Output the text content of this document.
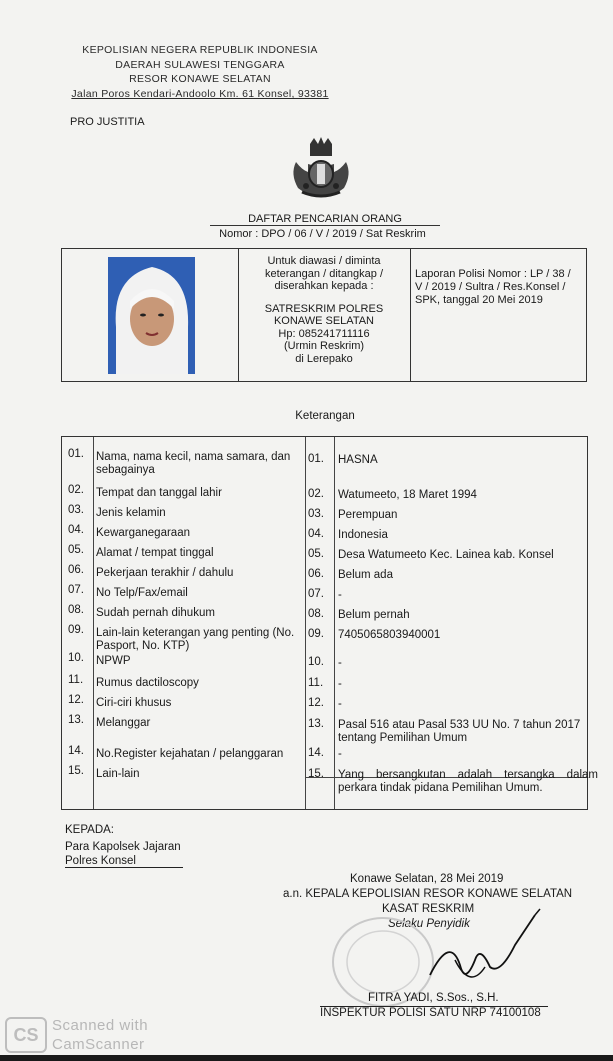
KEPOLISIAN NEGERA REPUBLIK INDONESIA
DAERAH SULAWESI TENGGARA
RESOR KONAWE SELATAN
Jalan Poros Kendari-Andoolo Km. 61 Konsel, 93381
PRO JUSTITIA
DAFTAR PENCARIAN ORANG
Nomor : DPO / 06 / V / 2019 / Sat Reskrim
Untuk diawasi / diminta
keterangan / ditangkap /
diserahkan kepada :
SATRESKRIM POLRES
KONAWE SELATAN
Hp: 085241711116
(Urmin Reskrim)
di Lerepako
Laporan Polisi Nomor : LP / 38 /
V / 2019 / Sultra / Res.Konsel /
SPK, tanggal 20 Mei 2019
Keterangan
01. Nama, nama kecil, nama samara, dan sebagainya
02. Tempat dan tanggal lahir
03. Jenis kelamin
04. Kewarganegaraan
05. Alamat / tempat tinggal
06. Pekerjaan terakhir / dahulu
07. No Telp/Fax/email
08. Sudah pernah dihukum
09. Lain-lain keterangan yang penting (No. Pasport, No. KTP)
10. NPWP
11. Rumus dactiloscopy
12. Ciri-ciri khusus
13. Melanggar
14. No.Register kejahatan / pelanggaran
15. Lain-lain
01. HASNA
02. Watumeeto, 18 Maret 1994
03. Perempuan
04. Indonesia
05. Desa Watumeeto Kec. Lainea kab. Konsel
06. Belum ada
07. -
08. Belum pernah
09. 7405065803940001
10. -
11. -
12. -
13. Pasal 516 atau Pasal 533 UU No. 7 tahun 2017 tentang Pemilihan Umum
14. -
15. Yang bersangkutan adalah tersangka dalam perkara tindak pidana Pemilihan Umum.
KEPADA:
Para Kapolsek Jajaran
Polres Konsel
Konawe Selatan, 28 Mei 2019
a.n. KEPALA KEPOLISIAN RESOR KONAWE SELATAN
KASAT RESKRIM
Selaku Penyidik
FITRA YADI, S.Sos., S.H.
INSPEKTUR POLISI SATU NRP 74100108
CS Scanned with
CamScanner
